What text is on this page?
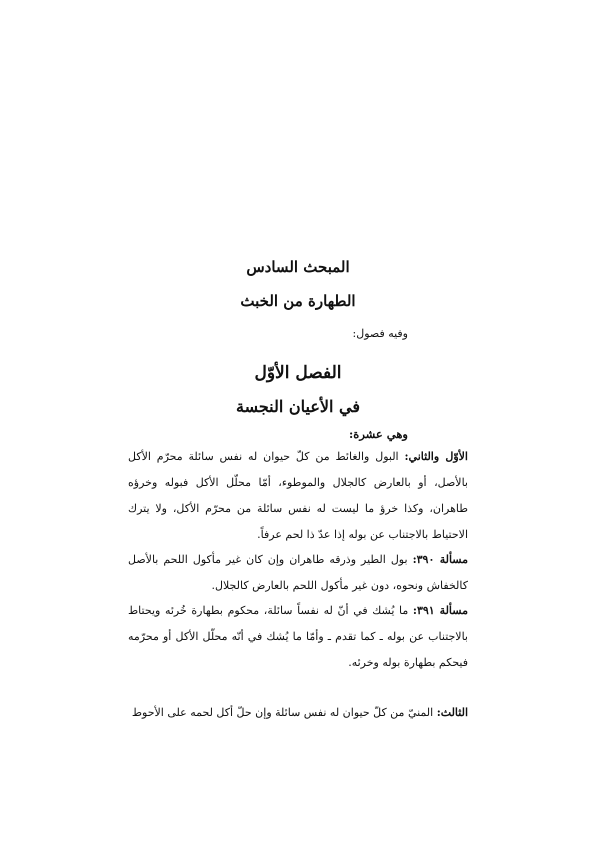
المبحث السادس
الطهارة من الخبث

وفيه فصول:

الفصل الأوّل
في الأعيان النجسة

وهي عشرة:

الأوّل والثاني: البول والغائط من كلّ حيوان له نفس سائلة محرّم الأكل بالأصل، أو بالعارض كالجلال والموطوء، أمّا محلّل الأكل فبوله وخرؤه طاهران، وكذا خرؤ ما ليست له نفس سائلة من محرّم الأكل، ولا يترك الاحتياط بالاجتناب عن بوله إذا عدّ ذا لحم عرفاً.

مسألة ٣٩٠: بول الطير وذرقه طاهران وإن كان غير مأكول اللحم بالأصل كالخفاش ونحوه، دون غير مأكول اللحم بالعارض كالجلال.

مسألة ٣٩١: ما يُشك في أنّ له نفساً سائلة، محكوم بطهارة خُرئه ويحتاط بالاجتناب عن بوله ـ كما تقدم ـ وأمّا ما يُشك في أنّه محلّل الأكل أو محرّمه فيحكم بطهارة بوله وخرئه.

الثالث: المنيّ من كلّ حيوان له نفس سائلة وإن حلّ أكل لحمه على الأحوط
